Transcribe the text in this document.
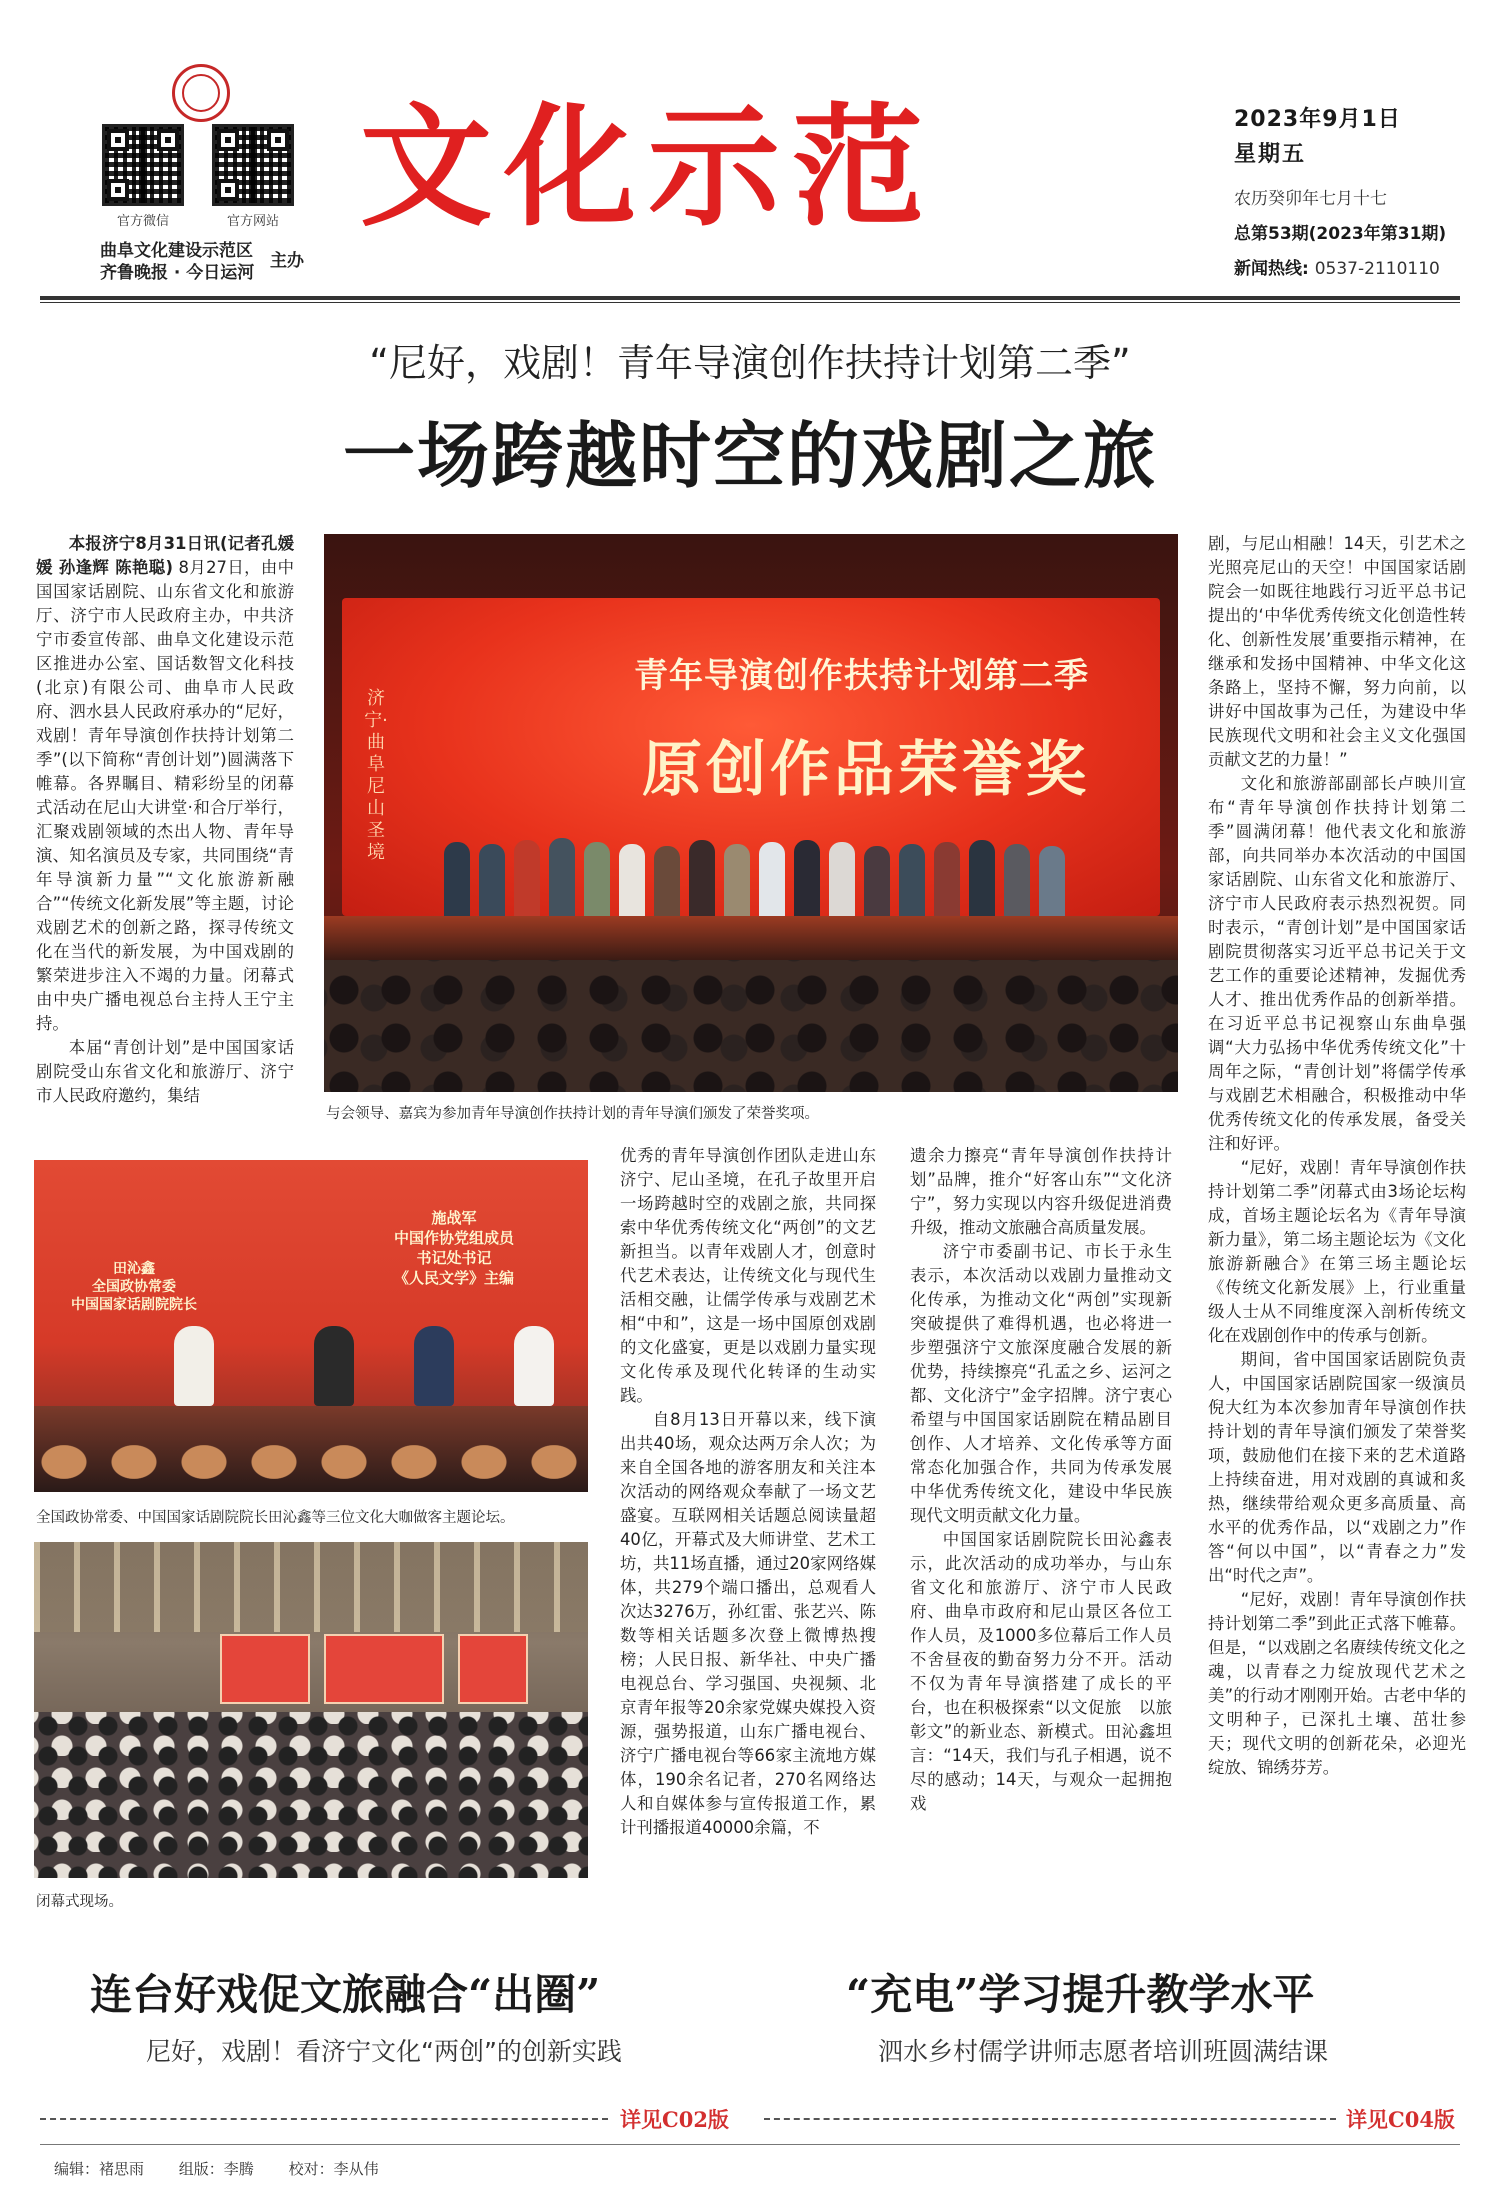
官方微信	官方网站
曲阜文化建设示范区
齐鲁晚报 · 今日运河
主办
文化示范	2023年9月1日
星期五
农历癸卯年七月十七
总第53期(2023年第31期)
新闻热线: 0537-2110110
“尼好，戏剧！青年导演创作扶持计划第二季”
一场跨越时空的戏剧之旅

本报济宁8月31日讯(记者孔媛媛 孙逢辉 陈艳聪) 8月27日，由中国国家话剧院、山东省文化和旅游厅、济宁市人民政府主办，中共济宁市委宣传部、曲阜文化建设示范区推进办公室、国话数智文化科技(北京)有限公司、曲阜市人民政府、泗水县人民政府承办的“尼好，戏剧！青年导演创作扶持计划第二季”(以下简称“青创计划”)圆满落下帷幕。各界瞩目、精彩纷呈的闭幕式活动在尼山大讲堂·和合厅举行，汇聚戏剧领域的杰出人物、青年导演、知名演员及专家，共同围绕“青年导演新力量”“文化旅游新融合”“传统文化新发展”等主题，讨论戏剧艺术的创新之路，探寻传统文化在当代的新发展，为中国戏剧的繁荣进步注入不竭的力量。闭幕式由中央广播电视总台主持人王宁主持。

本届“青创计划”是中国国家话剧院受山东省文化和旅游厅、济宁市人民政府邀约，集结

济宁·曲阜尼山圣境
青年导演创作扶持计划第二季
原创作品荣誉奖
与会领导、嘉宾为参加青年导演创作扶持计划的青年导演们颁发了荣誉奖项。
田沁鑫
全国政协常委
中国国家话剧院院长
施战军
中国作协党组成员
书记处书记
《人民文学》主编
全国政协常委、中国国家话剧院院长田沁鑫等三位文化大咖做客主题论坛。
闭幕式现场。

优秀的青年导演创作团队走进山东济宁、尼山圣境，在孔子故里开启一场跨越时空的戏剧之旅，共同探索中华优秀传统文化“两创”的文艺新担当。以青年戏剧人才，创意时代艺术表达，让传统文化与现代生活相交融，让儒学传承与戏剧艺术相“中和”，这是一场中国原创戏剧的文化盛宴，更是以戏剧力量实现文化传承及现代化转译的生动实践。

自8月13日开幕以来，线下演出共40场，观众达两万余人次；为来自全国各地的游客朋友和关注本次活动的网络观众奉献了一场文艺盛宴。互联网相关话题总阅读量超40亿，开幕式及大师讲堂、艺术工坊，共11场直播，通过20家网络媒体，共279个端口播出，总观看人次达3276万，孙红雷、张艺兴、陈数等相关话题多次登上微博热搜榜；人民日报、新华社、中央广播电视总台、学习强国、央视频、北京青年报等20余家党媒央媒投入资源，强势报道，山东广播电视台、济宁广播电视台等66家主流地方媒体，190余名记者，270名网络达人和自媒体参与宣传报道工作，累计刊播报道40000余篇，不

遗余力擦亮“青年导演创作扶持计划”品牌，推介“好客山东”“文化济宁”，努力实现以内容升级促进消费升级，推动文旅融合高质量发展。

济宁市委副书记、市长于永生表示，本次活动以戏剧力量推动文化传承，为推动文化“两创”实现新突破提供了难得机遇，也必将进一步塑强济宁文旅深度融合发展的新优势，持续擦亮“孔孟之乡、运河之都、文化济宁”金字招牌。济宁衷心希望与中国国家话剧院在精品剧目创作、人才培养、文化传承等方面常态化加强合作，共同为传承发展中华优秀传统文化，建设中华民族现代文明贡献文化力量。

中国国家话剧院院长田沁鑫表示，此次活动的成功举办，与山东省文化和旅游厅、济宁市人民政府、曲阜市政府和尼山景区各位工作人员，及1000多位幕后工作人员不舍昼夜的勤奋努力分不开。活动不仅为青年导演搭建了成长的平台，也在积极探索“以文促旅　以旅彰文”的新业态、新模式。田沁鑫坦言：“14天，我们与孔子相遇，说不尽的感动；14天，与观众一起拥抱戏

剧，与尼山相融！14天，引艺术之光照亮尼山的天空！中国国家话剧院会一如既往地践行习近平总书记提出的‘中华优秀传统文化创造性转化、创新性发展’重要指示精神，在继承和发扬中国精神、中华文化这条路上，坚持不懈，努力向前，以讲好中国故事为己任，为建设中华民族现代文明和社会主义文化强国贡献文艺的力量！”

文化和旅游部副部长卢映川宣布“青年导演创作扶持计划第二季”圆满闭幕！他代表文化和旅游部，向共同举办本次活动的中国国家话剧院、山东省文化和旅游厅、济宁市人民政府表示热烈祝贺。同时表示，“青创计划”是中国国家话剧院贯彻落实习近平总书记关于文艺工作的重要论述精神，发掘优秀人才、推出优秀作品的创新举措。在习近平总书记视察山东曲阜强调“大力弘扬中华优秀传统文化”十周年之际，“青创计划”将儒学传承与戏剧艺术相融合，积极推动中华优秀传统文化的传承发展，备受关注和好评。

“尼好，戏剧！青年导演创作扶持计划第二季”闭幕式由3场论坛构成，首场主题论坛名为《青年导演新力量》，第二场主题论坛为《文化旅游新融合》在第三场主题论坛《传统文化新发展》上，行业重量级人士从不同维度深入剖析传统文化在戏剧创作中的传承与创新。

期间，省中国国家话剧院负责人，中国国家话剧院国家一级演员倪大红为本次参加青年导演创作扶持计划的青年导演们颁发了荣誉奖项，鼓励他们在接下来的艺术道路上持续奋进，用对戏剧的真诚和炙热，继续带给观众更多高质量、高水平的优秀作品，以“戏剧之力”作答“何以中国”，以“青春之力”发出“时代之声”。

“尼好，戏剧！青年导演创作扶持计划第二季”到此正式落下帷幕。但是，“以戏剧之名赓续传统文化之魂，以青春之力绽放现代艺术之美”的行动才刚刚开始。古老中华的文明种子，已深扎土壤、茁壮参天；现代文明的创新花朵，必迎光绽放、锦绣芬芳。

连台好戏促文旅融合“出圈”
尼好，戏剧！看济宁文化“两创”的创新实践
详见C02版
“充电”学习提升教学水平
泗水乡村儒学讲师志愿者培训班圆满结课
详见C04版
编辑：褚思雨　　 组版：李腾　　 校对：李从伟
